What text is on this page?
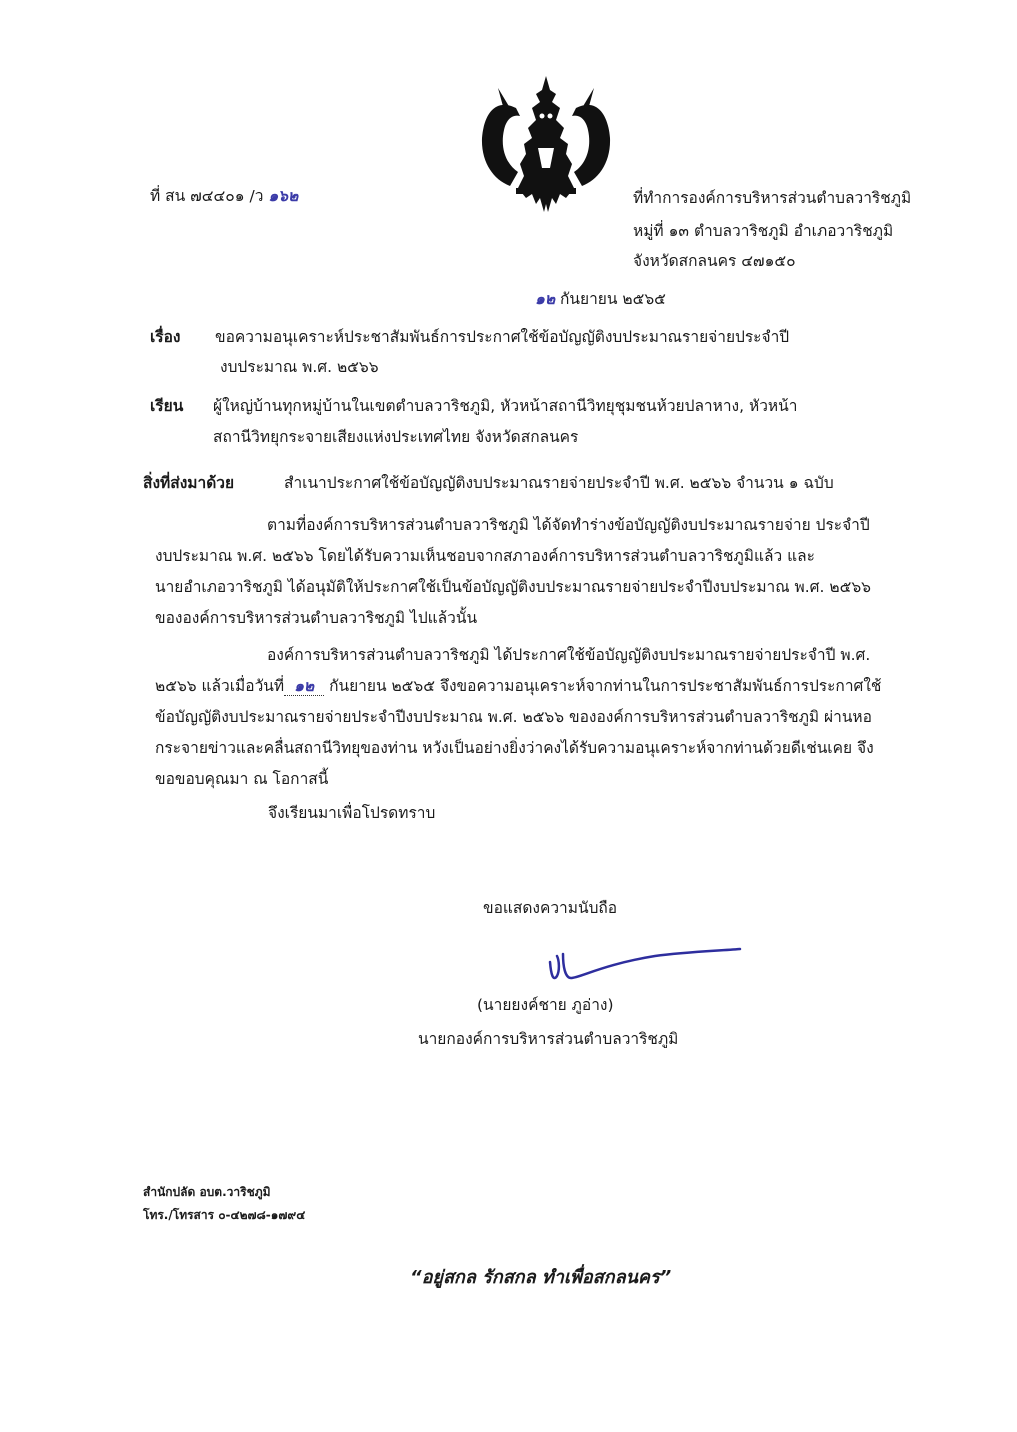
ที่ สน ๗๔๔๐๑ /ว ๑๖๒	ที่ทำการองค์การบริหารส่วนตำบลวาริชภูมิ
หมู่ที่ ๑๓ ตำบลวาริชภูมิ อำเภอวาริชภูมิ
จังหวัดสกลนคร ๔๗๑๕๐
๑๒ กันยายน ๒๕๖๕
เรื่อง ขอความอนุเคราะห์ประชาสัมพันธ์การประกาศใช้ข้อบัญญัติงบประมาณรายจ่ายประจำปี
งบประมาณ พ.ศ. ๒๕๖๖
เรียน ผู้ใหญ่บ้านทุกหมู่บ้านในเขตตำบลวาริชภูมิ, หัวหน้าสถานีวิทยุชุมชนห้วยปลาหาง, หัวหน้า
สถานีวิทยุกระจายเสียงแห่งประเทศไทย จังหวัดสกลนคร
สิ่งที่ส่งมาด้วย	สำเนาประกาศใช้ข้อบัญญัติงบประมาณรายจ่ายประจำปี พ.ศ. ๒๕๖๖ จำนวน ๑ ฉบับ
ตามที่องค์การบริหารส่วนตำบลวาริชภูมิ ได้จัดทำร่างข้อบัญญัติงบประมาณรายจ่าย ประจำปี
งบประมาณ พ.ศ. ๒๕๖๖ โดยได้รับความเห็นชอบจากสภาองค์การบริหารส่วนตำบลวาริชภูมิแล้ว และ
นายอำเภอวาริชภูมิ ได้อนุมัติให้ประกาศใช้เป็นข้อบัญญัติงบประมาณรายจ่ายประจำปีงบประมาณ พ.ศ. ๒๕๖๖
ขององค์การบริหารส่วนตำบลวาริชภูมิ ไปแล้วนั้น
องค์การบริหารส่วนตำบลวาริชภูมิ ได้ประกาศใช้ข้อบัญญัติงบประมาณรายจ่ายประจำปี พ.ศ.
๒๕๖๖ แล้วเมื่อวันที่ ๑๒ กันยายน ๒๕๖๕ จึงขอความอนุเคราะห์จากท่านในการประชาสัมพันธ์การประกาศใช้
ข้อบัญญัติงบประมาณรายจ่ายประจำปีงบประมาณ พ.ศ. ๒๕๖๖ ขององค์การบริหารส่วนตำบลวาริชภูมิ ผ่านหอ
กระจายข่าวและคลื่นสถานีวิทยุของท่าน หวังเป็นอย่างยิ่งว่าคงได้รับความอนุเคราะห์จากท่านด้วยดีเช่นเคย จึง
ขอขอบคุณมา ณ โอกาสนี้
จึงเรียนมาเพื่อโปรดทราบ
ขอแสดงความนับถือ
(นายยงค์ชาย ภูอ่าง)
นายกองค์การบริหารส่วนตำบลวาริชภูมิ
สำนักปลัด อบต.วาริชภูมิ
โทร./โทรสาร ๐-๔๒๗๘-๑๗๙๔
“อยู่สกล รักสกล ทำเพื่อสกลนคร”
